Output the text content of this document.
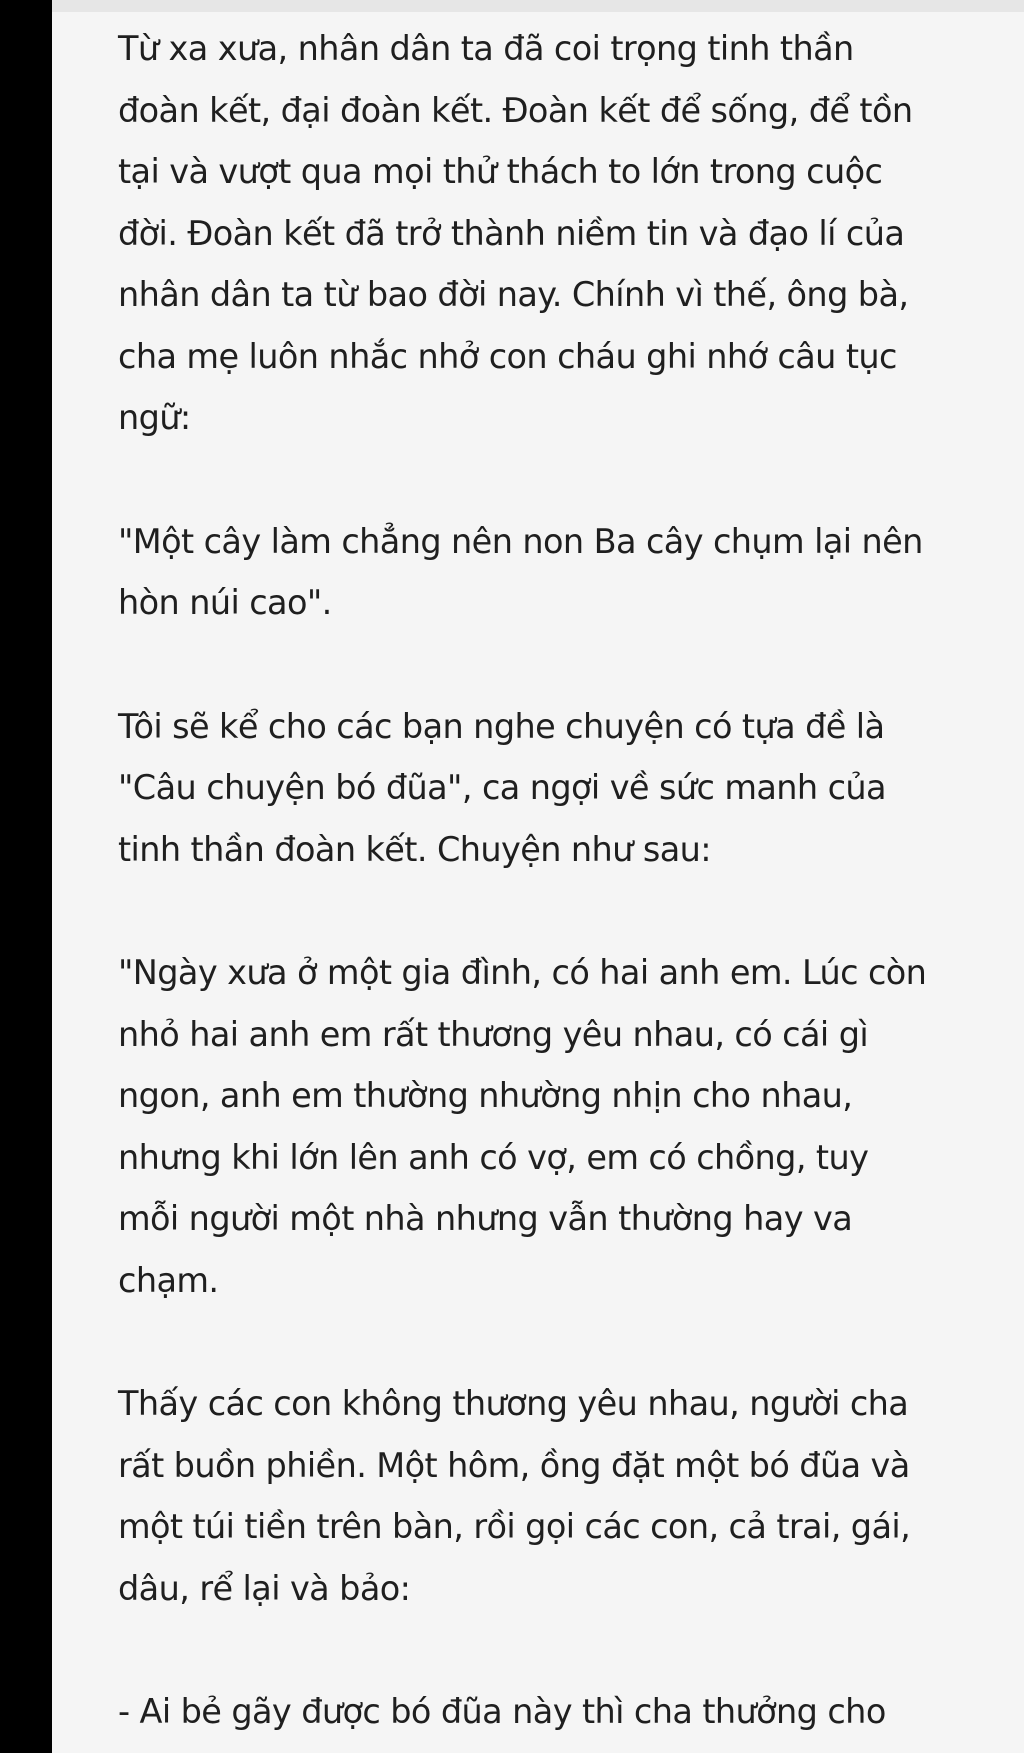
Từ xa xưa, nhân dân ta đã coi trọng tinh thần
đoàn kết, đại đoàn kết. Đoàn kết để sống, để tồn
tại và vượt qua mọi thử thách to lớn trong cuộc
đời. Đoàn kết đã trở thành niềm tin và đạo lí của
nhân dân ta từ bao đời nay. Chính vì thế, ông bà,
cha mẹ luôn nhắc nhở con cháu ghi nhớ câu tục
ngữ:

"Một cây làm chẳng nên non Ba cây chụm lại nên
hòn núi cao".

Tôi sẽ kể cho các bạn nghe chuyện có tựa đề là
"Câu chuyện bó đũa", ca ngợi về sức manh của
tinh thần đoàn kết. Chuyện như sau:

"Ngày xưa ở một gia đình, có hai anh em. Lúc còn
nhỏ hai anh em rất thương yêu nhau, có cái gì
ngon, anh em thường nhường nhịn cho nhau,
nhưng khi lớn lên anh có vợ, em có chồng, tuy
mỗi người một nhà nhưng vẫn thường hay va
chạm.

Thấy các con không thương yêu nhau, người cha
rất buồn phiền. Một hôm, ồng đặt một bó đũa và
một túi tiền trên bàn, rồi gọi các con, cả trai, gái,
dâu, rể lại và bảo:

- Ai bẻ gãy được bó đũa này thì cha thưởng cho
